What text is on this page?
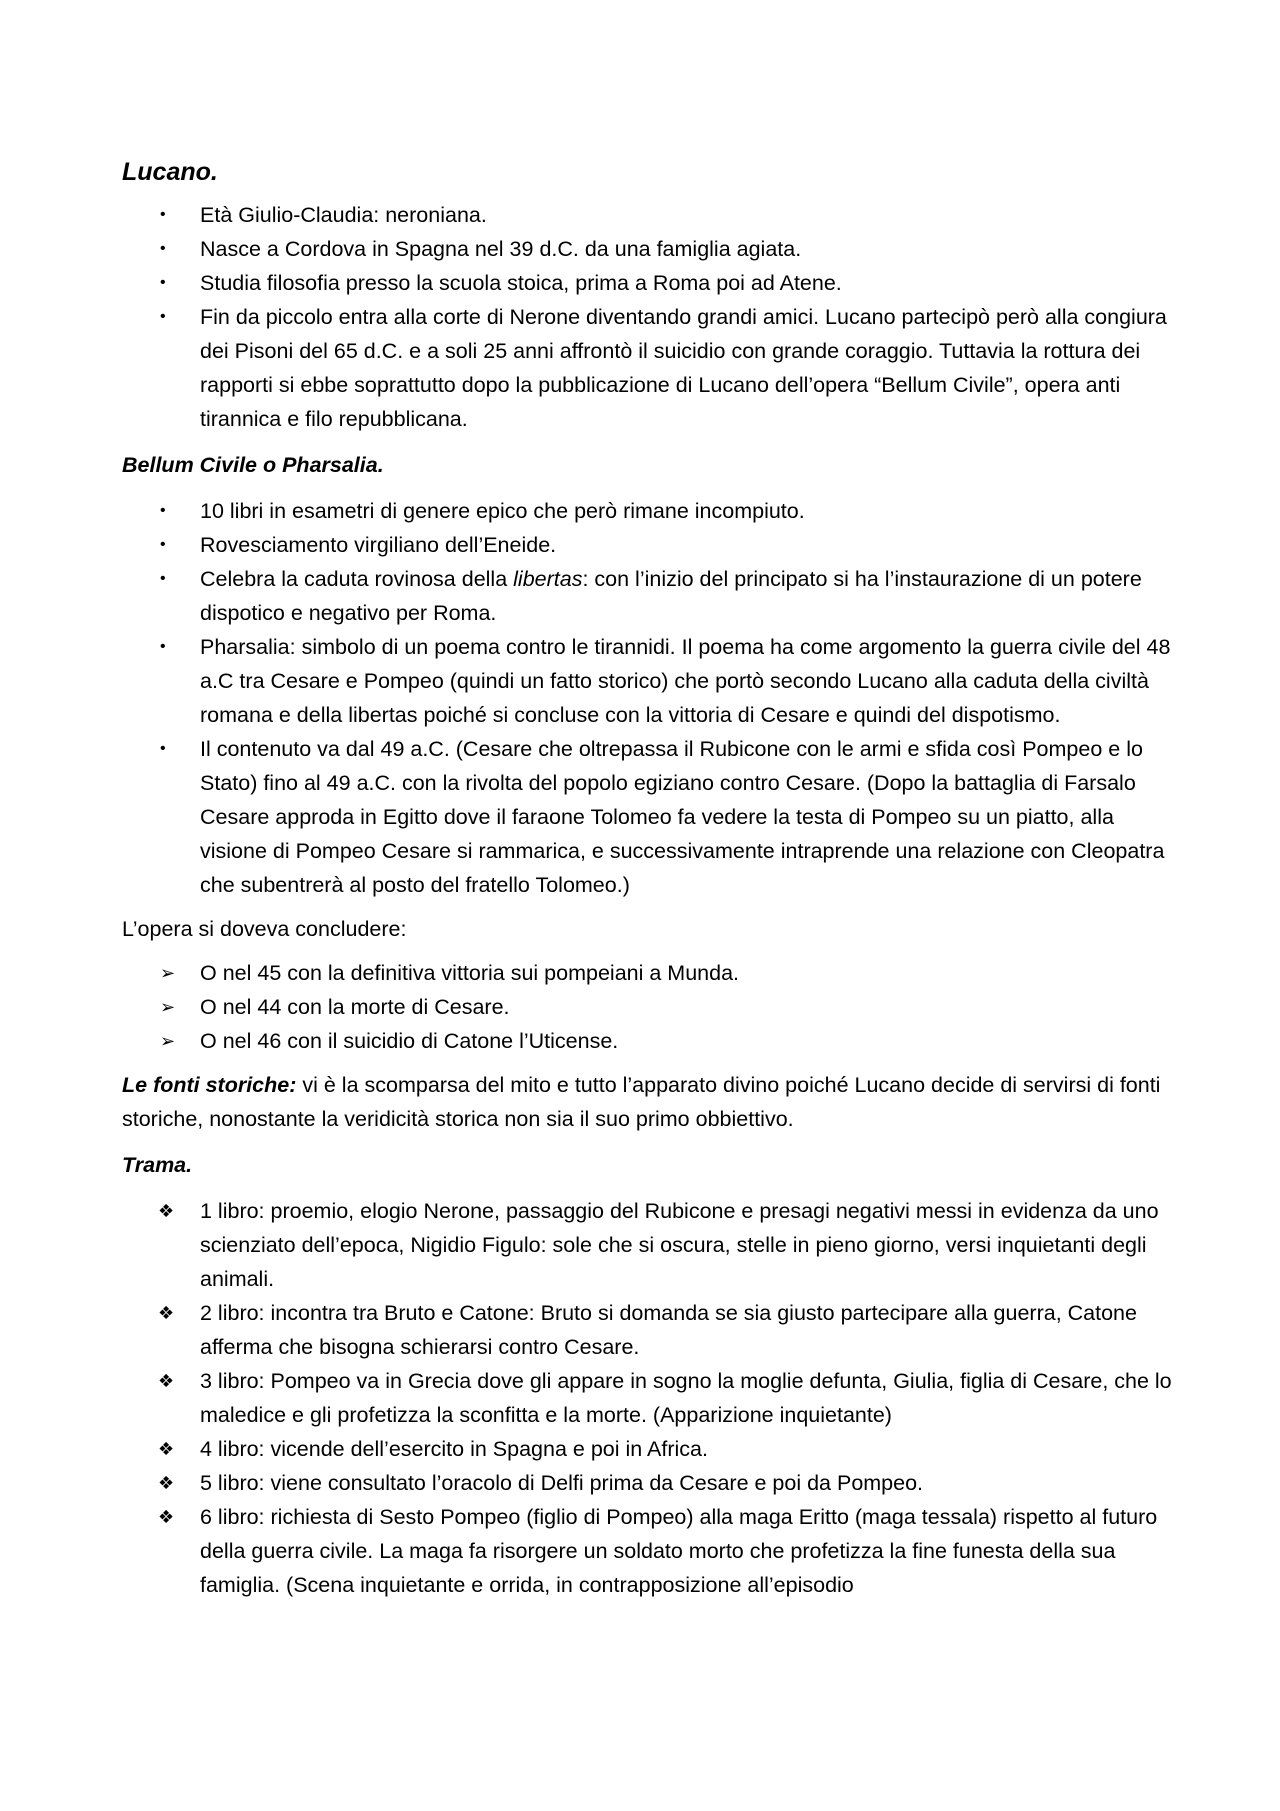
Lucano.
•	Età Giulio-Claudia: neroniana.
•	Nasce a Cordova in Spagna nel 39 d.C. da una famiglia agiata.
•	Studia filosofia presso la scuola stoica, prima a Roma poi ad Atene.
•	Fin da piccolo entra alla corte di Nerone diventando grandi amici. Lucano partecipò però alla congiura dei Pisoni del 65 d.C. e a soli 25 anni affrontò il suicidio con grande coraggio. Tuttavia la rottura dei rapporti si ebbe soprattutto dopo la pubblicazione di Lucano dell’opera “Bellum Civile”, opera anti tirannica e filo repubblicana.
Bellum Civile o Pharsalia.
•	10 libri in esametri di genere epico che però rimane incompiuto.
•	Rovesciamento virgiliano dell’Eneide.
•	Celebra la caduta rovinosa della libertas: con l’inizio del principato si ha l’instaurazione di un potere dispotico e negativo per Roma.
•	Pharsalia: simbolo di un poema contro le tirannidi. Il poema ha come argomento la guerra civile del 48 a.C tra Cesare e Pompeo (quindi un fatto storico) che portò secondo Lucano alla caduta della civiltà romana e della libertas poiché si concluse con la vittoria di Cesare e quindi del dispotismo.
•	Il contenuto va dal 49 a.C. (Cesare che oltrepassa il Rubicone con le armi e sfida così Pompeo e lo Stato) fino al 49 a.C. con la rivolta del popolo egiziano contro Cesare. (Dopo la battaglia di Farsalo Cesare approda in Egitto dove il faraone Tolomeo fa vedere la testa di Pompeo su un piatto, alla visione di Pompeo Cesare si rammarica, e successivamente intraprende una relazione con Cleopatra che subentrerà al posto del fratello Tolomeo.)
L’opera si doveva concludere:
➢	O nel 45 con la definitiva vittoria sui pompeiani a Munda.
➢	O nel 44 con la morte di Cesare.
➢	O nel 46 con il suicidio di Catone l’Uticense.
Le fonti storiche: vi è la scomparsa del mito e tutto l’apparato divino poiché Lucano decide di servirsi di fonti storiche, nonostante la veridicità storica non sia il suo primo obbiettivo.
Trama.
❖	1 libro: proemio, elogio Nerone, passaggio del Rubicone e presagi negativi messi in evidenza da uno scienziato dell’epoca, Nigidio Figulo: sole che si oscura, stelle in pieno giorno, versi inquietanti degli animali.
❖	2 libro: incontra tra Bruto e Catone: Bruto si domanda se sia giusto partecipare alla guerra, Catone afferma che bisogna schierarsi contro Cesare.
❖	3 libro: Pompeo va in Grecia dove gli appare in sogno la moglie defunta, Giulia, figlia di Cesare, che lo maledice e gli profetizza la sconfitta e la morte. (Apparizione inquietante)
❖	4 libro: vicende dell’esercito in Spagna e poi in Africa.
❖	5 libro: viene consultato l’oracolo di Delfi prima da Cesare e poi da Pompeo.
❖	6 libro: richiesta di Sesto Pompeo (figlio di Pompeo) alla maga Eritto (maga tessala) rispetto al futuro della guerra civile. La maga fa risorgere un soldato morto che profetizza la fine funesta della sua famiglia. (Scena inquietante e orrida, in contrapposizione all’episodio
